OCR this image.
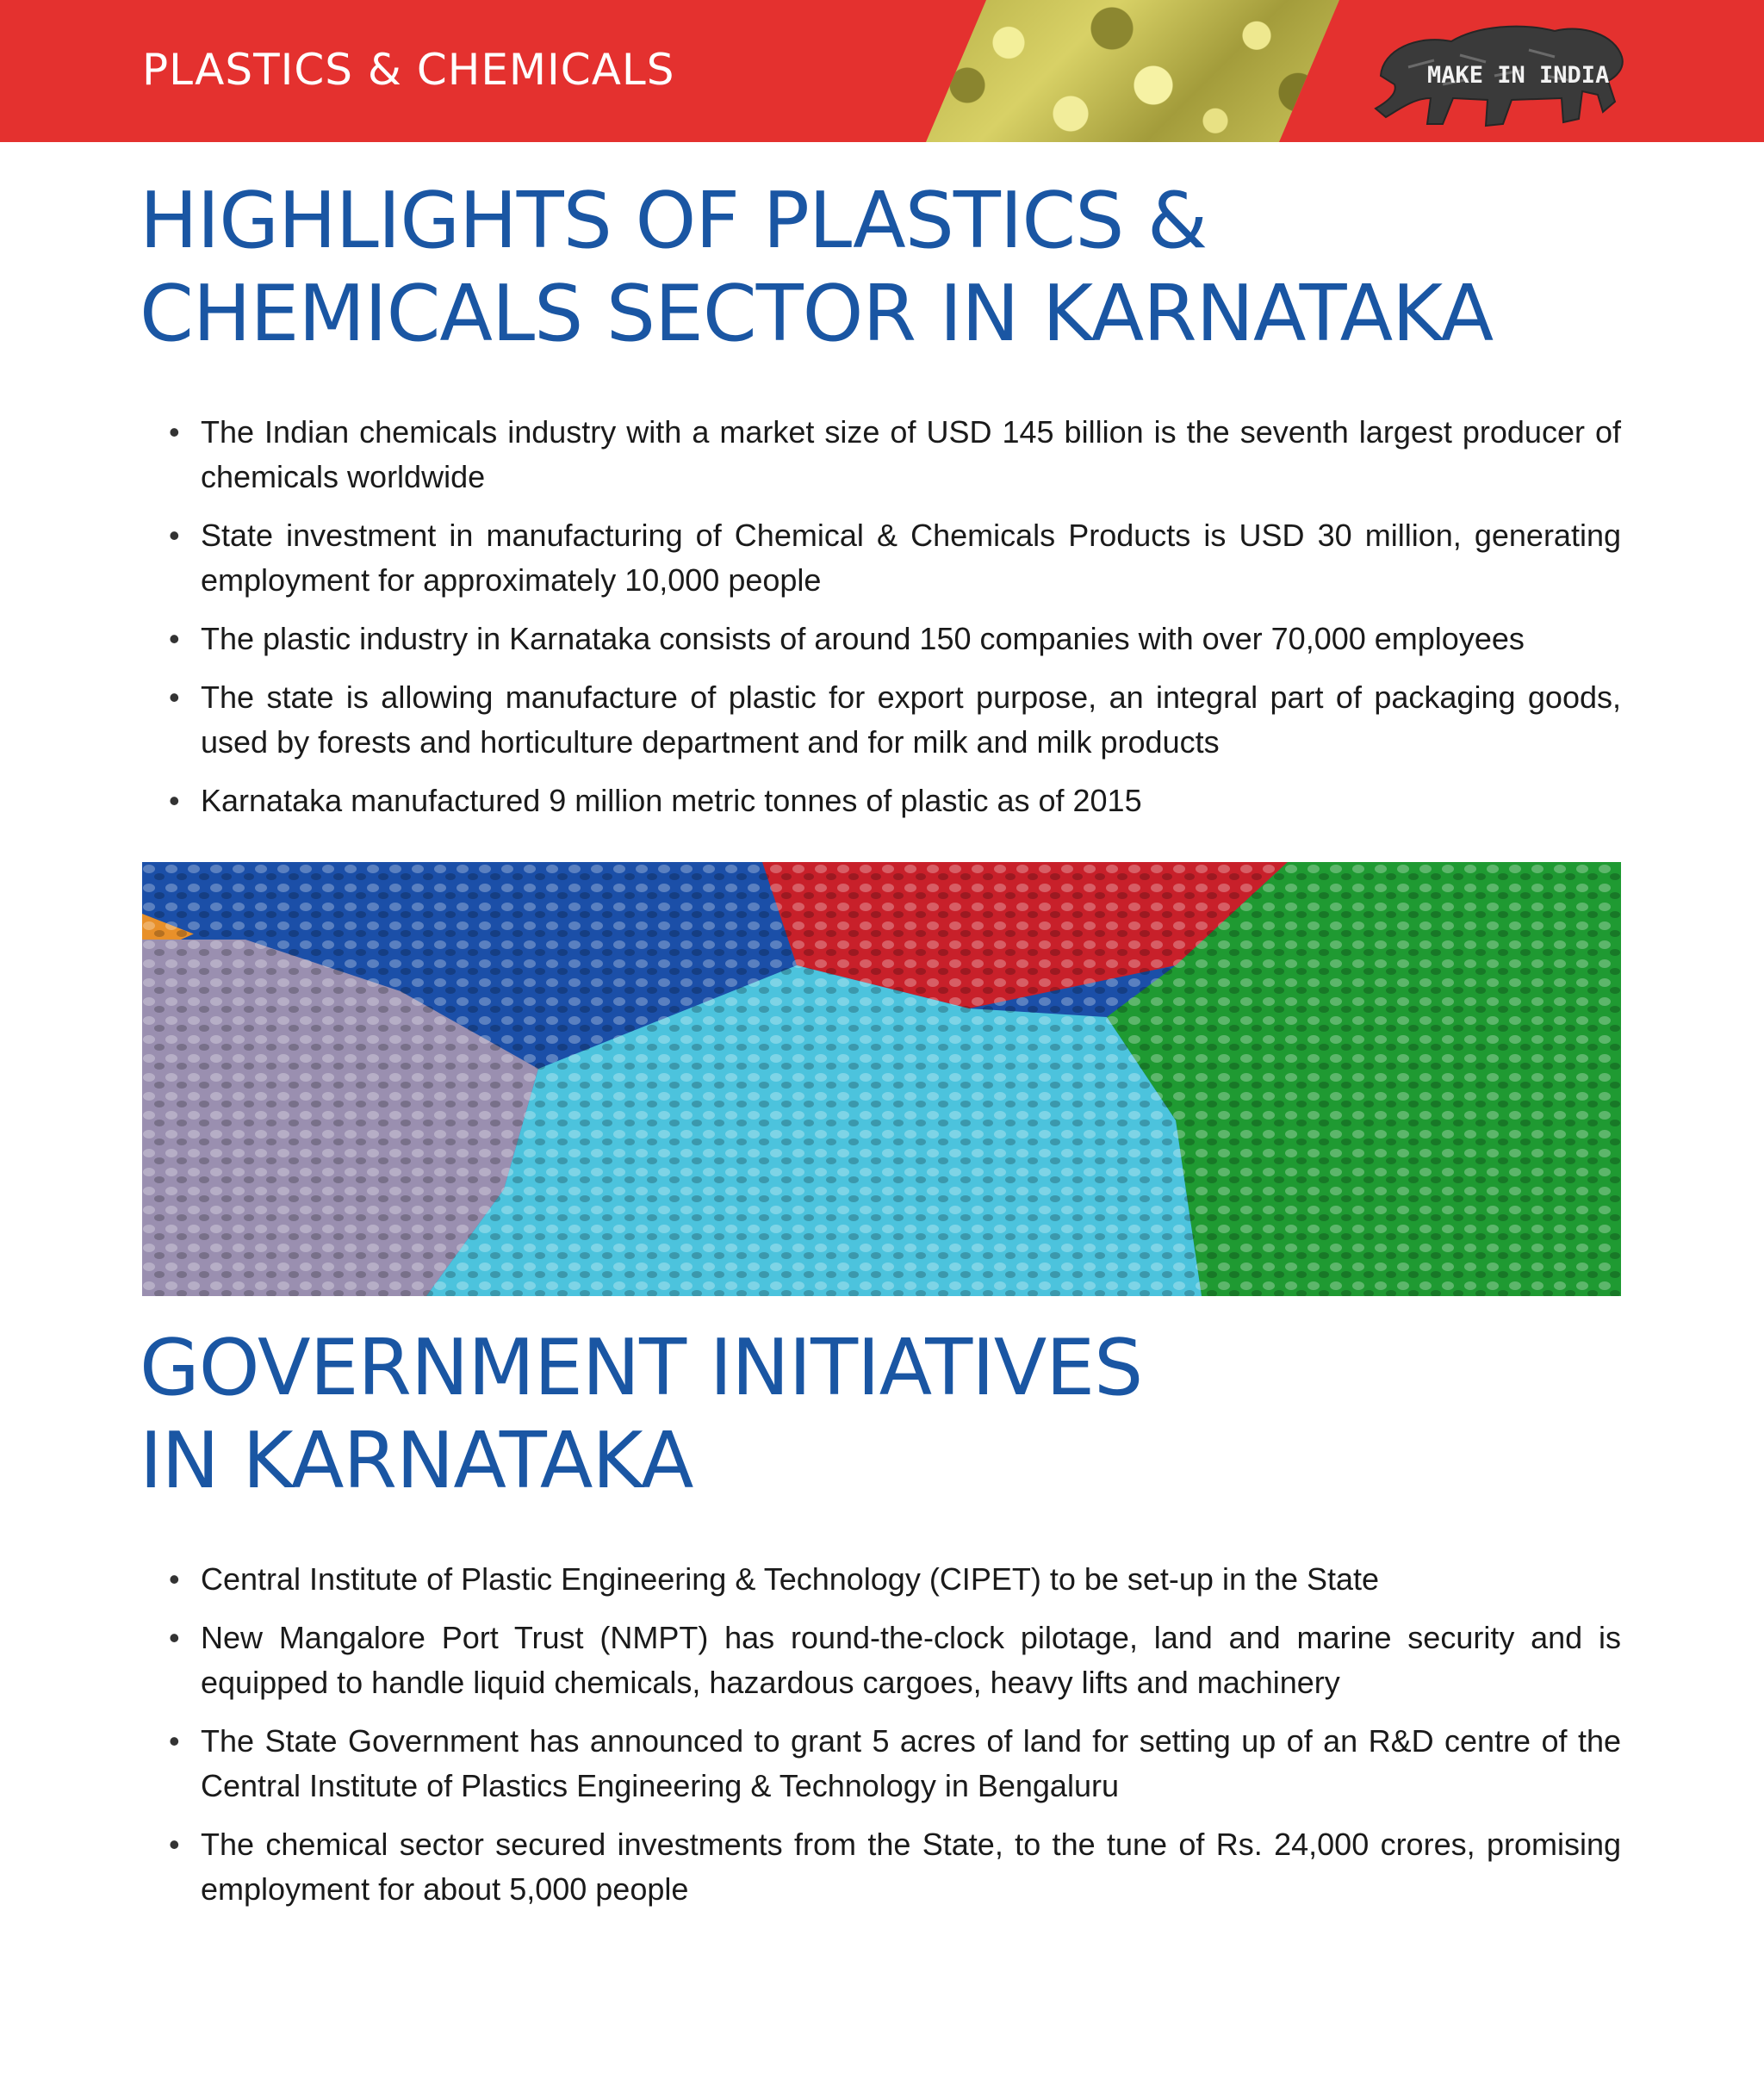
PLASTICS & CHEMICALS	MAKE IN INDIA
HIGHLIGHTS OF PLASTICS &
CHEMICALS SECTOR IN KARNATAKA
• The Indian chemicals industry with a market size of USD 145 billion is the seventh largest producer of chemicals worldwide
• State investment in manufacturing of Chemical & Chemicals Products is USD 30 million, generating employment for approximately 10,000 people
• The plastic industry in Karnataka consists of around 150 companies with over 70,000 employees
• The state is allowing manufacture of plastic for export purpose, an integral part of packaging goods, used by forests and horticulture department and for milk and milk products
• Karnataka manufactured 9 million metric tonnes of plastic as of 2015
GOVERNMENT INITIATIVES
IN KARNATAKA
• Central Institute of Plastic Engineering & Technology (CIPET) to be set-up in the State
• New Mangalore Port Trust (NMPT) has round-the-clock pilotage, land and marine security and is equipped to handle liquid chemicals, hazardous cargoes, heavy lifts and machinery
• The State Government has announced to grant 5 acres of land for setting up of an R&D centre of the Central Institute of Plastics Engineering & Technology in Bengaluru
• The chemical sector secured investments from the State, to the tune of Rs. 24,000 crores, promising employment for about 5,000 people
